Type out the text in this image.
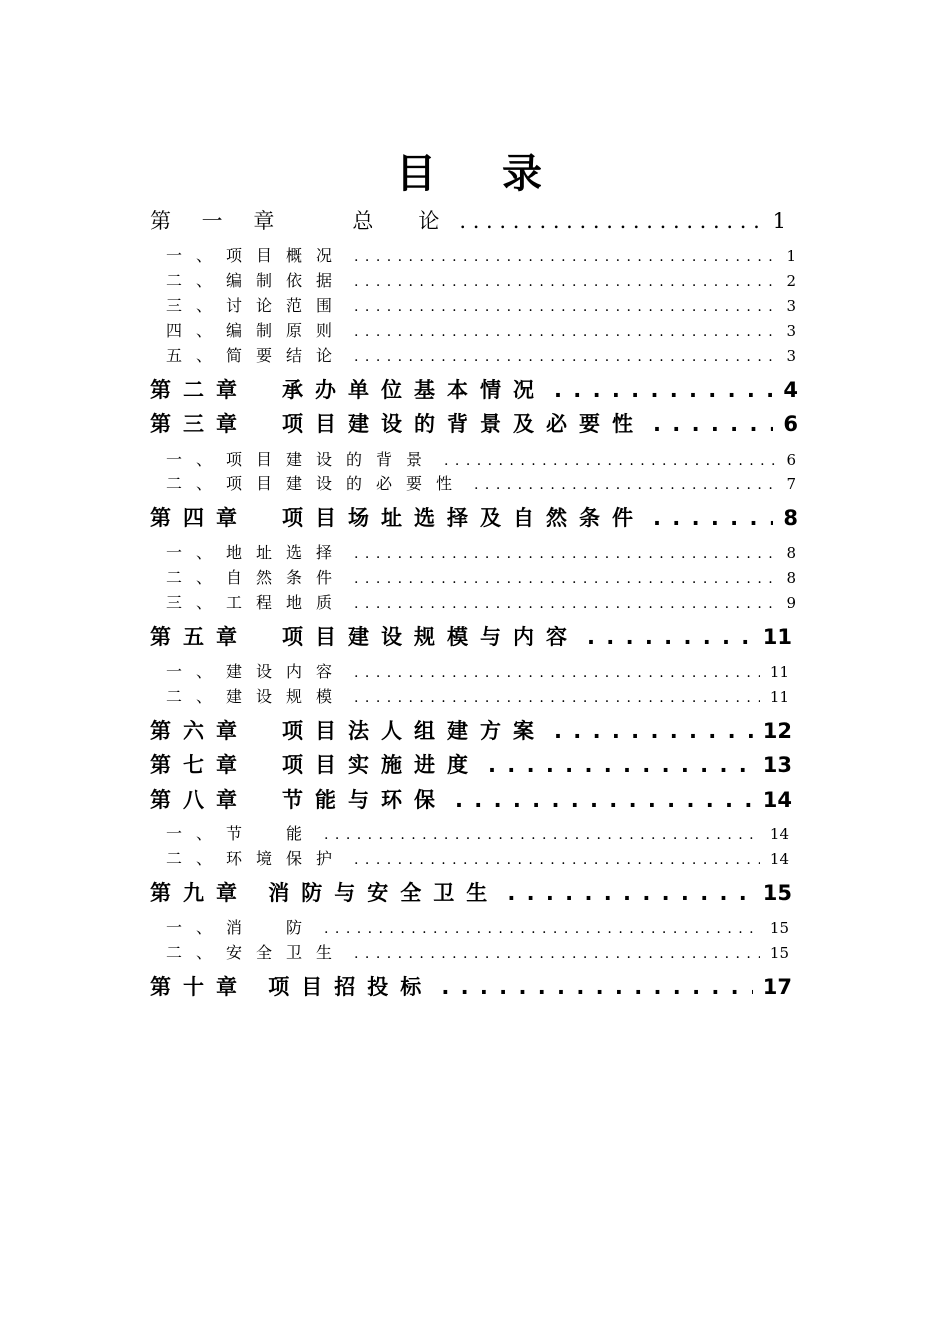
目 录
第 一 章　　总　论 . . .	1
一、项目概况 . . .	1
二、编制依据 . . .	2
三、讨论范围 . . .	3
四、编制原则 . . .	3
五、简要结论 . . .	3
第二章　承办单位基本情况 . . .	4
第三章　项目建设的背景及必要性 . . .	6
一、项目建设的背景 . . .	6
二、项目建设的必要性 . . .	7
第四章　项目场址选择及自然条件 . . .	8
一、地址选择 . . .	8
二、自然条件 . . .	8
三、工程地质 . . .	9
第五章　项目建设规模与内容 . . .	11
一、建设内容 . . .	11
二、建设规模 . . .	11
第六章　项目法人组建方案 . . .	12
第七章　项目实施进度 . . .	13
第八章　节能与环保 . . .	14
一、节　能 . . .	14
二、环境保护 . . .	14
第九章 消防与安全卫生 . . .	15
一、消　防 . . .	15
二、安全卫生 . . .	15
第十章 项目招投标 . . .	17
